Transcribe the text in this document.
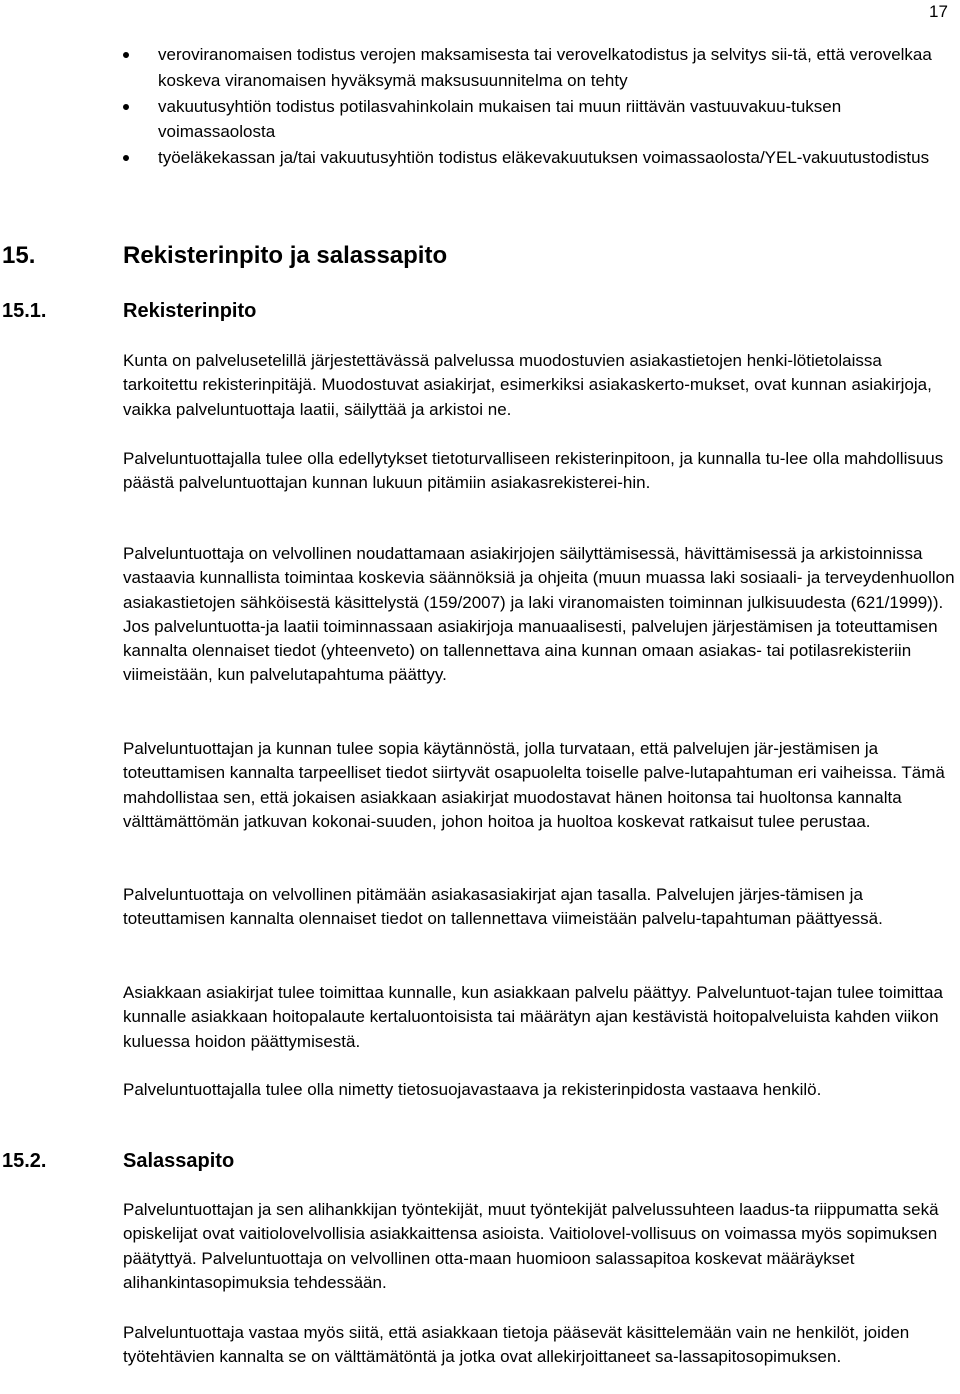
17
veroviranomaisen todistus verojen maksamisesta tai verovelkatodistus ja selvitys sii-tä, että verovelkaa koskeva viranomaisen hyväksymä maksusuunnitelma on tehty
vakuutusyhtiön todistus potilasvahinkolain mukaisen tai muun riittävän vastuuvakuu-tuksen voimassaolosta
työeläkekassan ja/tai vakuutusyhtiön todistus eläkevakuutuksen voimassaolosta/YEL-vakuutustodistus
15.	Rekisterinpito ja salassapito
15.1.	Rekisterinpito

Kunta on palvelusetelillä järjestettävässä palvelussa muodostuvien asiakastietojen henki-lötietolaissa tarkoitettu rekisterinpitäjä. Muodostuvat asiakirjat, esimerkiksi asiakaskerto-mukset, ovat kunnan asiakirjoja, vaikka palveluntuottaja laatii, säilyttää ja arkistoi ne.

Palveluntuottajalla tulee olla edellytykset tietoturvalliseen rekisterinpitoon, ja kunnalla tu-lee olla mahdollisuus päästä palveluntuottajan kunnan lukuun pitämiin asiakasrekisterei-hin.

Palveluntuottaja on velvollinen noudattamaan asiakirjojen säilyttämisessä, hävittämisessä ja arkistoinnissa vastaavia kunnallista toimintaa koskevia säännöksiä ja ohjeita (muun muassa laki sosiaali- ja terveydenhuollon asiakastietojen sähköisestä käsittelystä (159/2007) ja laki viranomaisten toiminnan julkisuudesta (621/1999)). Jos palveluntuotta-ja laatii toiminnassaan asiakirjoja manuaalisesti, palvelujen järjestämisen ja toteuttamisen kannalta olennaiset tiedot (yhteenveto) on tallennettava aina kunnan omaan asiakas- tai potilasrekisteriin viimeistään, kun palvelutapahtuma päättyy.

Palveluntuottajan ja kunnan tulee sopia käytännöstä, jolla turvataan, että palvelujen jär-jestämisen ja toteuttamisen kannalta tarpeelliset tiedot siirtyvät osapuolelta toiselle palve-lutapahtuman eri vaiheissa. Tämä mahdollistaa sen, että jokaisen asiakkaan asiakirjat muodostavat hänen hoitonsa tai huoltonsa kannalta välttämättömän jatkuvan kokonai-suuden, johon hoitoa ja huoltoa koskevat ratkaisut tulee perustaa.

Palveluntuottaja on velvollinen pitämään asiakasasiakirjat ajan tasalla. Palvelujen järjes-tämisen ja toteuttamisen kannalta olennaiset tiedot on tallennettava viimeistään palvelu-tapahtuman päättyessä.

Asiakkaan asiakirjat tulee toimittaa kunnalle, kun asiakkaan palvelu päättyy. Palveluntuot-tajan tulee toimittaa kunnalle asiakkaan hoitopalaute kertaluontoisista tai määrätyn ajan kestävistä hoitopalveluista kahden viikon kuluessa hoidon päättymisestä.

Palveluntuottajalla tulee olla nimetty tietosuojavastaava ja rekisterinpidosta vastaava henkilö.

15.2.	Salassapito

Palveluntuottajan ja sen alihankkijan työntekijät, muut työntekijät palvelussuhteen laadus-ta riippumatta sekä opiskelijat ovat vaitiolovelvollisia asiakkaittensa asioista. Vaitiolovel-vollisuus on voimassa myös sopimuksen päätyttyä. Palveluntuottaja on velvollinen otta-maan huomioon salassapitoa koskevat määräykset alihankintasopimuksia tehdessään.

Palveluntuottaja vastaa myös siitä, että asiakkaan tietoja pääsevät käsittelemään vain ne henkilöt, joiden työtehtävien kannalta se on välttämätöntä ja jotka ovat allekirjoittaneet sa-lassapitosopimuksen.
